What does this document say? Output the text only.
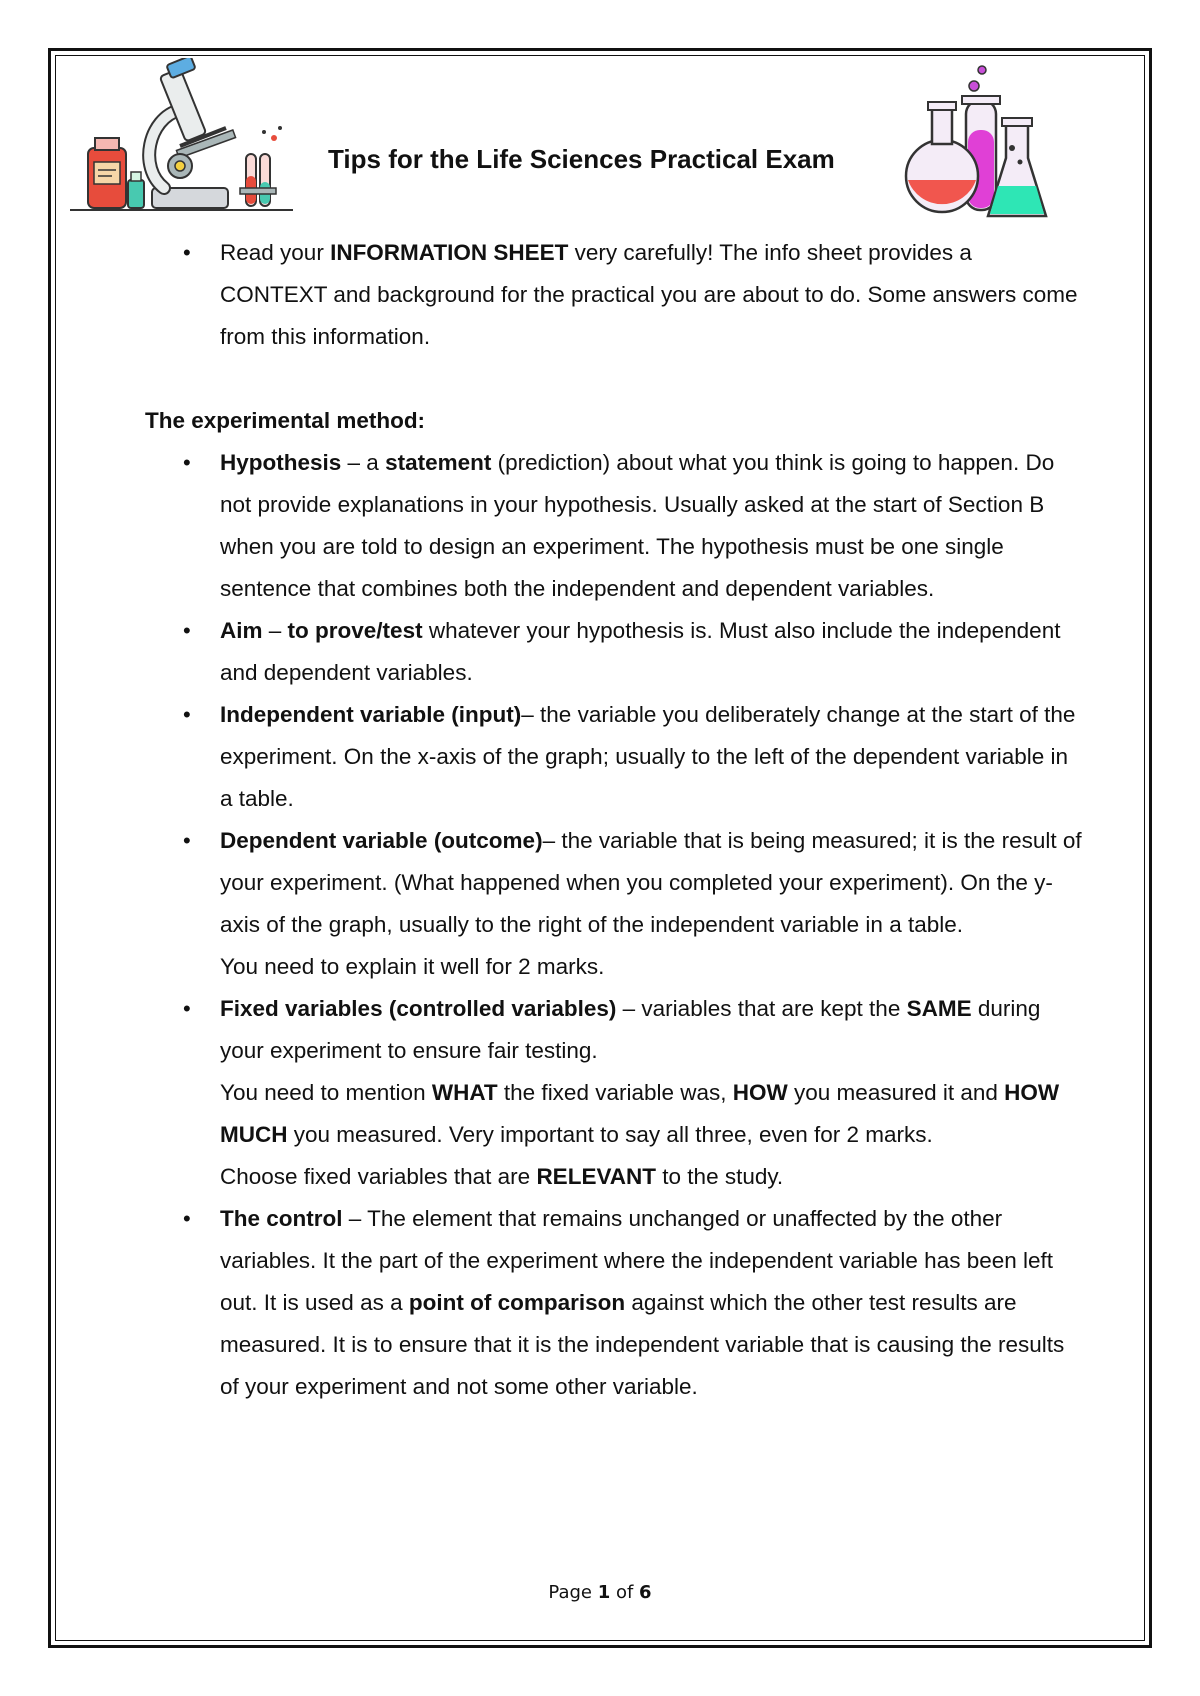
Tips for the Life Sciences Practical Exam
• Read your INFORMATION SHEET very carefully! The info sheet provides a CONTEXT and background for the practical you are about to do. Some answers come from this information.

The experimental method:

• Hypothesis – a statement (prediction) about what you think is going to happen. Do not provide explanations in your hypothesis. Usually asked at the start of Section B when you are told to design an experiment. The hypothesis must be one single sentence that combines both the independent and dependent variables.
• Aim – to prove/test whatever your hypothesis is. Must also include the independent and dependent variables.
• Independent variable (input)– the variable you deliberately change at the start of the experiment. On the x-axis of the graph; usually to the left of the dependent variable in a table.
• Dependent variable (outcome)– the variable that is being measured; it is the result of your experiment. (What happened when you completed your experiment). On the y-axis of the graph, usually to the right of the independent variable in a table.

You need to explain it well for 2 marks.

• Fixed variables (controlled variables) – variables that are kept the SAME during your experiment to ensure fair testing.

You need to mention WHAT the fixed variable was, HOW you measured it and HOW MUCH you measured. Very important to say all three, even for 2 marks.

Choose fixed variables that are RELEVANT to the study.

• The control – The element that remains unchanged or unaffected by the other variables. It the part of the experiment where the independent variable has been left out. It is used as a point of comparison against which the other test results are measured. It is to ensure that it is the independent variable that is causing the results of your experiment and not some other variable.
Page 1 of 6
